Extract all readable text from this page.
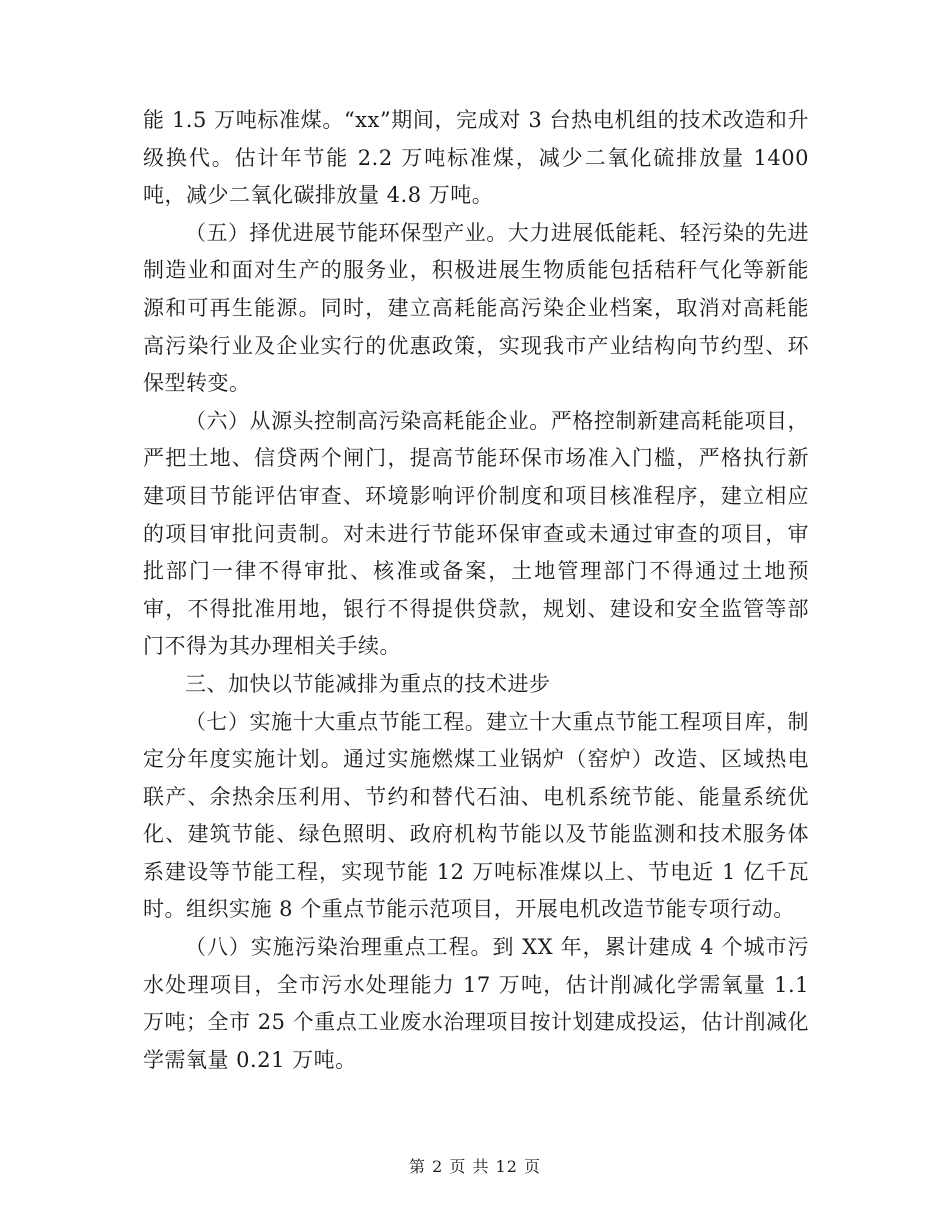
能 1.5 万吨标准煤。“xx”期间，完成对 3 台热电机组的技术改造和升级换代。估计年节能 2.2 万吨标准煤，减少二氧化硫排放量 1400 吨，减少二氧化碳排放量 4.8 万吨。

（五）择优进展节能环保型产业。大力进展低能耗、轻污染的先进制造业和面对生产的服务业，积极进展生物质能包括秸秆气化等新能源和可再生能源。同时，建立高耗能高污染企业档案，取消对高耗能高污染行业及企业实行的优惠政策，实现我市产业结构向节约型、环保型转变。

（六）从源头控制高污染高耗能企业。严格控制新建高耗能项目，严把土地、信贷两个闸门，提高节能环保市场准入门槛，严格执行新建项目节能评估审查、环境影响评价制度和项目核准程序，建立相应的项目审批问责制。对未进行节能环保审查或未通过审查的项目，审批部门一律不得审批、核准或备案，土地管理部门不得通过土地预审，不得批准用地，银行不得提供贷款，规划、建设和安全监管等部门不得为其办理相关手续。

三、加快以节能减排为重点的技术进步

（七）实施十大重点节能工程。建立十大重点节能工程项目库，制定分年度实施计划。通过实施燃煤工业锅炉（窑炉）改造、区域热电联产、余热余压利用、节约和替代石油、电机系统节能、能量系统优化、建筑节能、绿色照明、政府机构节能以及节能监测和技术服务体系建设等节能工程，实现节能 12 万吨标准煤以上、节电近 1 亿千瓦时。组织实施 8 个重点节能示范项目，开展电机改造节能专项行动。

（八）实施污染治理重点工程。到 XX 年，累计建成 4 个城市污水处理项目，全市污水处理能力 17 万吨，估计削减化学需氧量 1.1 万吨；全市 25 个重点工业废水治理项目按计划建成投运，估计削减化学需氧量 0.21 万吨。

第 2 页 共 12 页
